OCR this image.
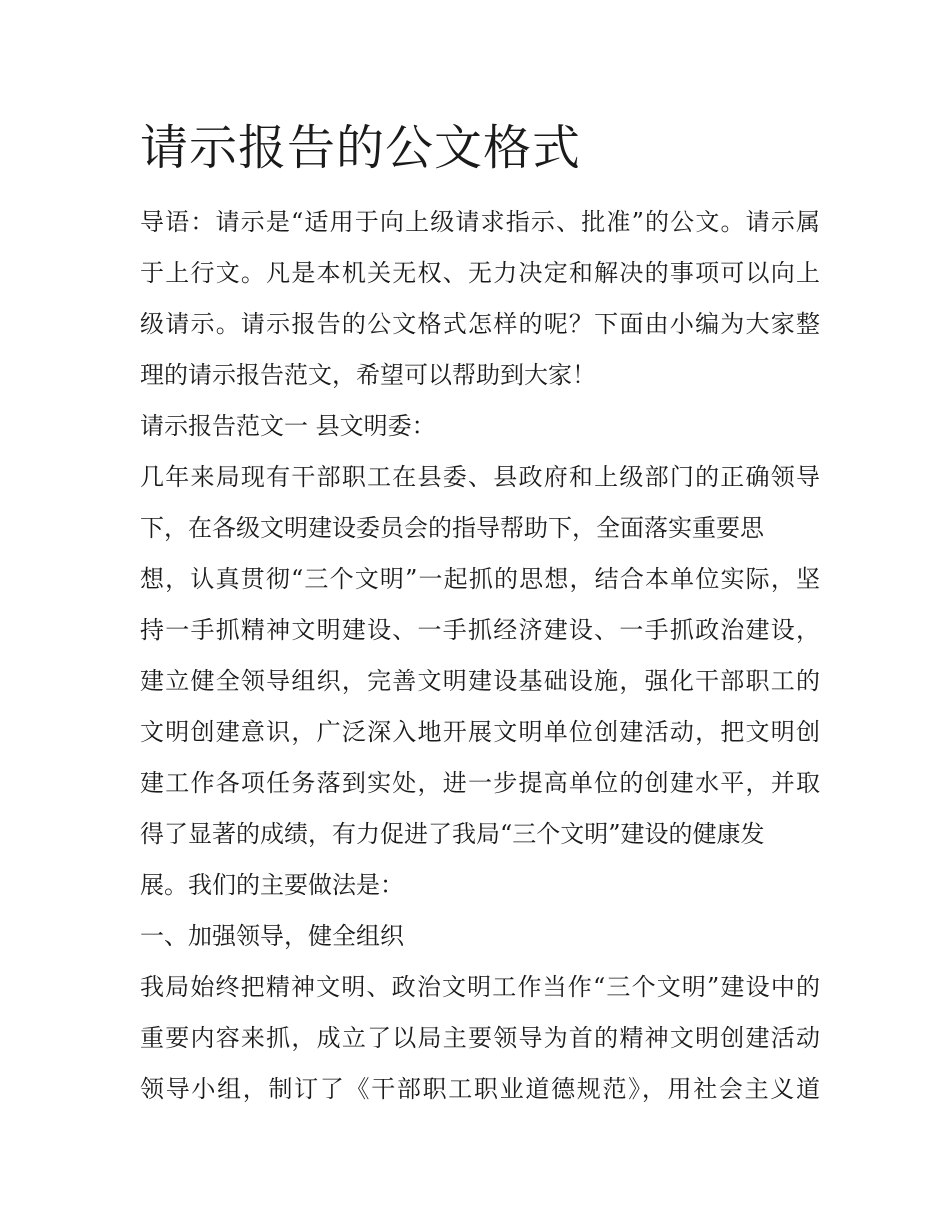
请示报告的公文格式
导语：请示是“适用于向上级请求指示、批准”的公文。请示属
于上行文。凡是本机关无权、无力决定和解决的事项可以向上
级请示。请示报告的公文格式怎样的呢？下面由小编为大家整
理的请示报告范文，希望可以帮助到大家！
请示报告范文一 县文明委：
几年来局现有干部职工在县委、县政府和上级部门的正确领导
下，在各级文明建设委员会的指导帮助下，全面落实重要思
想，认真贯彻“三个文明”一起抓的思想，结合本单位实际，坚
持一手抓精神文明建设、一手抓经济建设、一手抓政治建设，
建立健全领导组织，完善文明建设基础设施，强化干部职工的
文明创建意识，广泛深入地开展文明单位创建活动，把文明创
建工作各项任务落到实处，进一步提高单位的创建水平，并取
得了显著的成绩，有力促进了我局“三个文明”建设的健康发
展。我们的主要做法是：
一、加强领导，健全组织
我局始终把精神文明、政治文明工作当作“三个文明”建设中的
重要内容来抓，成立了以局主要领导为首的精神文明创建活动
领导小组，制订了《干部职工职业道德规范》，用社会主义道
